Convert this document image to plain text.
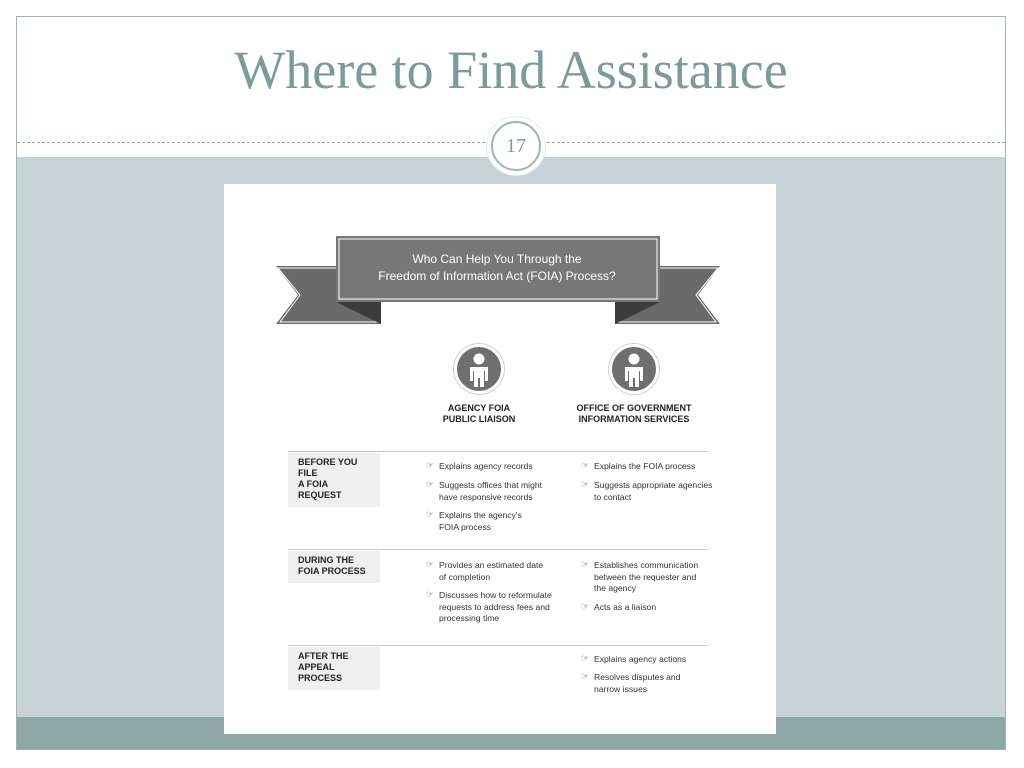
Where to Find Assistance
17
Who Can Help You Through the
Freedom of Information Act (FOIA) Process?
AGENCY FOIA
PUBLIC LIAISON
OFFICE OF GOVERNMENT
INFORMATION SERVICES
BEFORE YOU FILE
A FOIA REQUEST
☞ Explains agency records
☞ Suggests offices that might
have responsive records
☞ Explains the agency's
FOIA process
☞ Explains the FOIA process
☞ Suggests appropriate agencies
to contact
DURING THE
FOIA PROCESS
☞ Provides an estimated date
of completion
☞ Discusses how to reformulate
requests to address fees and
processing time
☞ Establishes communication
between the requester and
the agency
☞ Acts as a liaison
AFTER THE
APPEAL PROCESS
☞ Explains agency actions
☞ Resolves disputes and
narrow issues
